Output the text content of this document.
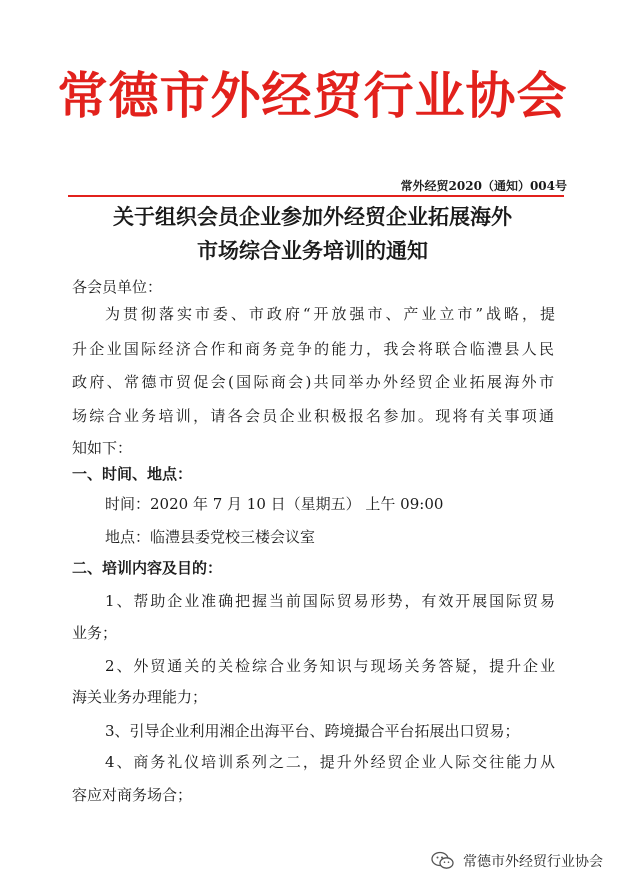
常德市外经贸行业协会
常外经贸2020（通知）004号
关于组织会员企业参加外经贸企业拓展海外
市场综合业务培训的通知
各会员单位：
为贯彻落实市委、市政府“开放强市、产业立市”战略，提
升企业国际经济合作和商务竞争的能力，我会将联合临澧县人民
政府、常德市贸促会(国际商会)共同举办外经贸企业拓展海外市
场综合业务培训，请各会员企业积极报名参加。现将有关事项通
知如下：
一、时间、地点：
时间：2020 年 7 月 10 日（星期五） 上午 09:00
地点：临澧县委党校三楼会议室
二、培训内容及目的：
1、帮助企业准确把握当前国际贸易形势，有效开展国际贸易
业务；
2、外贸通关的关检综合业务知识与现场关务答疑，提升企业
海关业务办理能力；
3、引导企业利用湘企出海平台、跨境撮合平台拓展出口贸易；
4、商务礼仪培训系列之二，提升外经贸企业人际交往能力从
容应对商务场合；
常德市外经贸行业协会
